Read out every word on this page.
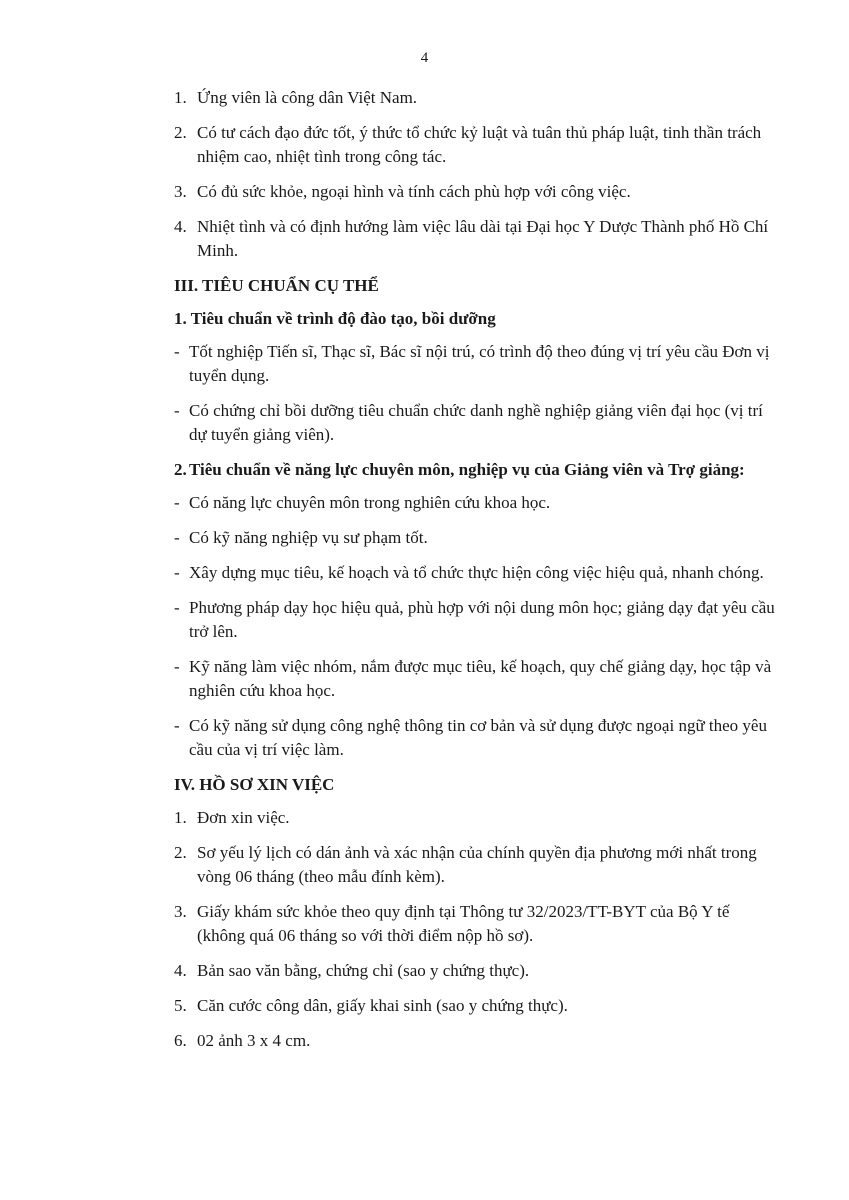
4
1. Ứng viên là công dân Việt Nam.
2. Có tư cách đạo đức tốt, ý thức tổ chức kỷ luật và tuân thủ pháp luật, tinh thần trách nhiệm cao, nhiệt tình trong công tác.
3. Có đủ sức khỏe, ngoại hình và tính cách phù hợp với công việc.
4. Nhiệt tình và có định hướng làm việc lâu dài tại Đại học Y Dược Thành phố Hồ Chí Minh.
III. TIÊU CHUẨN CỤ THỂ
1. Tiêu chuẩn về trình độ đào tạo, bồi dưỡng
- Tốt nghiệp Tiến sĩ, Thạc sĩ, Bác sĩ nội trú, có trình độ theo đúng vị trí yêu cầu Đơn vị tuyển dụng.
- Có chứng chỉ bồi dưỡng tiêu chuẩn chức danh nghề nghiệp giảng viên đại học (vị trí dự tuyển giảng viên).
2. Tiêu chuẩn về năng lực chuyên môn, nghiệp vụ của Giảng viên và Trợ giảng:
- Có năng lực chuyên môn trong nghiên cứu khoa học.
- Có kỹ năng nghiệp vụ sư phạm tốt.
- Xây dựng mục tiêu, kế hoạch và tổ chức thực hiện công việc hiệu quả, nhanh chóng.
- Phương pháp dạy học hiệu quả, phù hợp với nội dung môn học; giảng dạy đạt yêu cầu trở lên.
- Kỹ năng làm việc nhóm, nắm được mục tiêu, kế hoạch, quy chế giảng dạy, học tập và nghiên cứu khoa học.
- Có kỹ năng sử dụng công nghệ thông tin cơ bản và sử dụng được ngoại ngữ theo yêu cầu của vị trí việc làm.
IV. HỒ SƠ XIN VIỆC
1. Đơn xin việc.
2. Sơ yếu lý lịch có dán ảnh và xác nhận của chính quyền địa phương mới nhất trong vòng 06 tháng (theo mẫu đính kèm).
3. Giấy khám sức khỏe theo quy định tại Thông tư 32/2023/TT-BYT của Bộ Y tế (không quá 06 tháng so với thời điểm nộp hồ sơ).
4. Bản sao văn bằng, chứng chỉ (sao y chứng thực).
5. Căn cước công dân, giấy khai sinh (sao y chứng thực).
6. 02 ảnh 3 x 4 cm.
